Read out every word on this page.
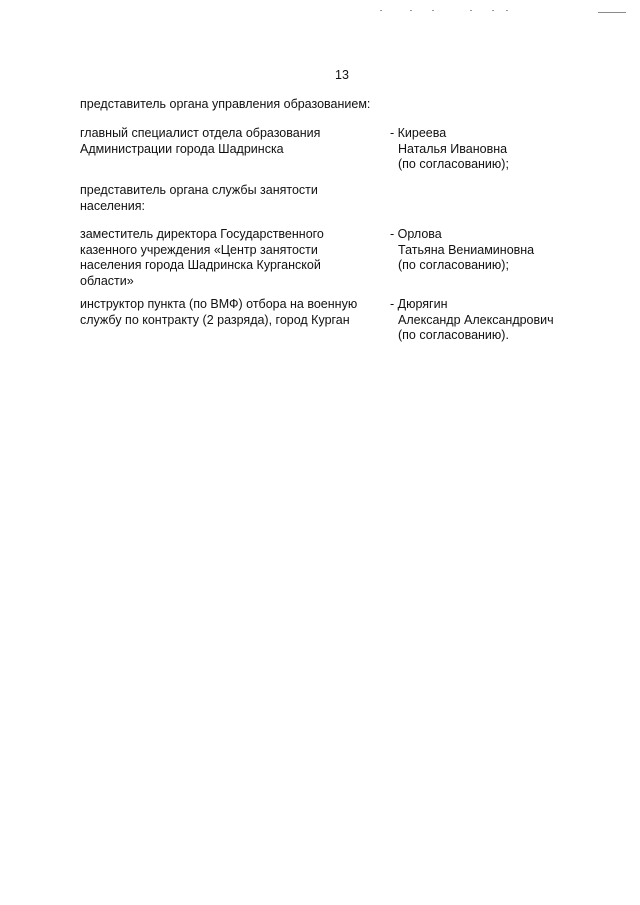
13
представитель органа управления образованием:
главный специалист отдела образования
Администрации города Шадринска
- Киреева
Наталья Ивановна
(по согласованию);
представитель органа службы занятости
населения:
заместитель директора Государственного
казенного учреждения «Центр занятости
населения города Шадринска Курганской
области»
- Орлова
Татьяна Вениаминовна
(по согласованию);
инструктор пункта (по ВМФ) отбора на военную
службу по контракту (2 разряда), город Курган
- Дюрягин
Александр Александрович
(по согласованию).
